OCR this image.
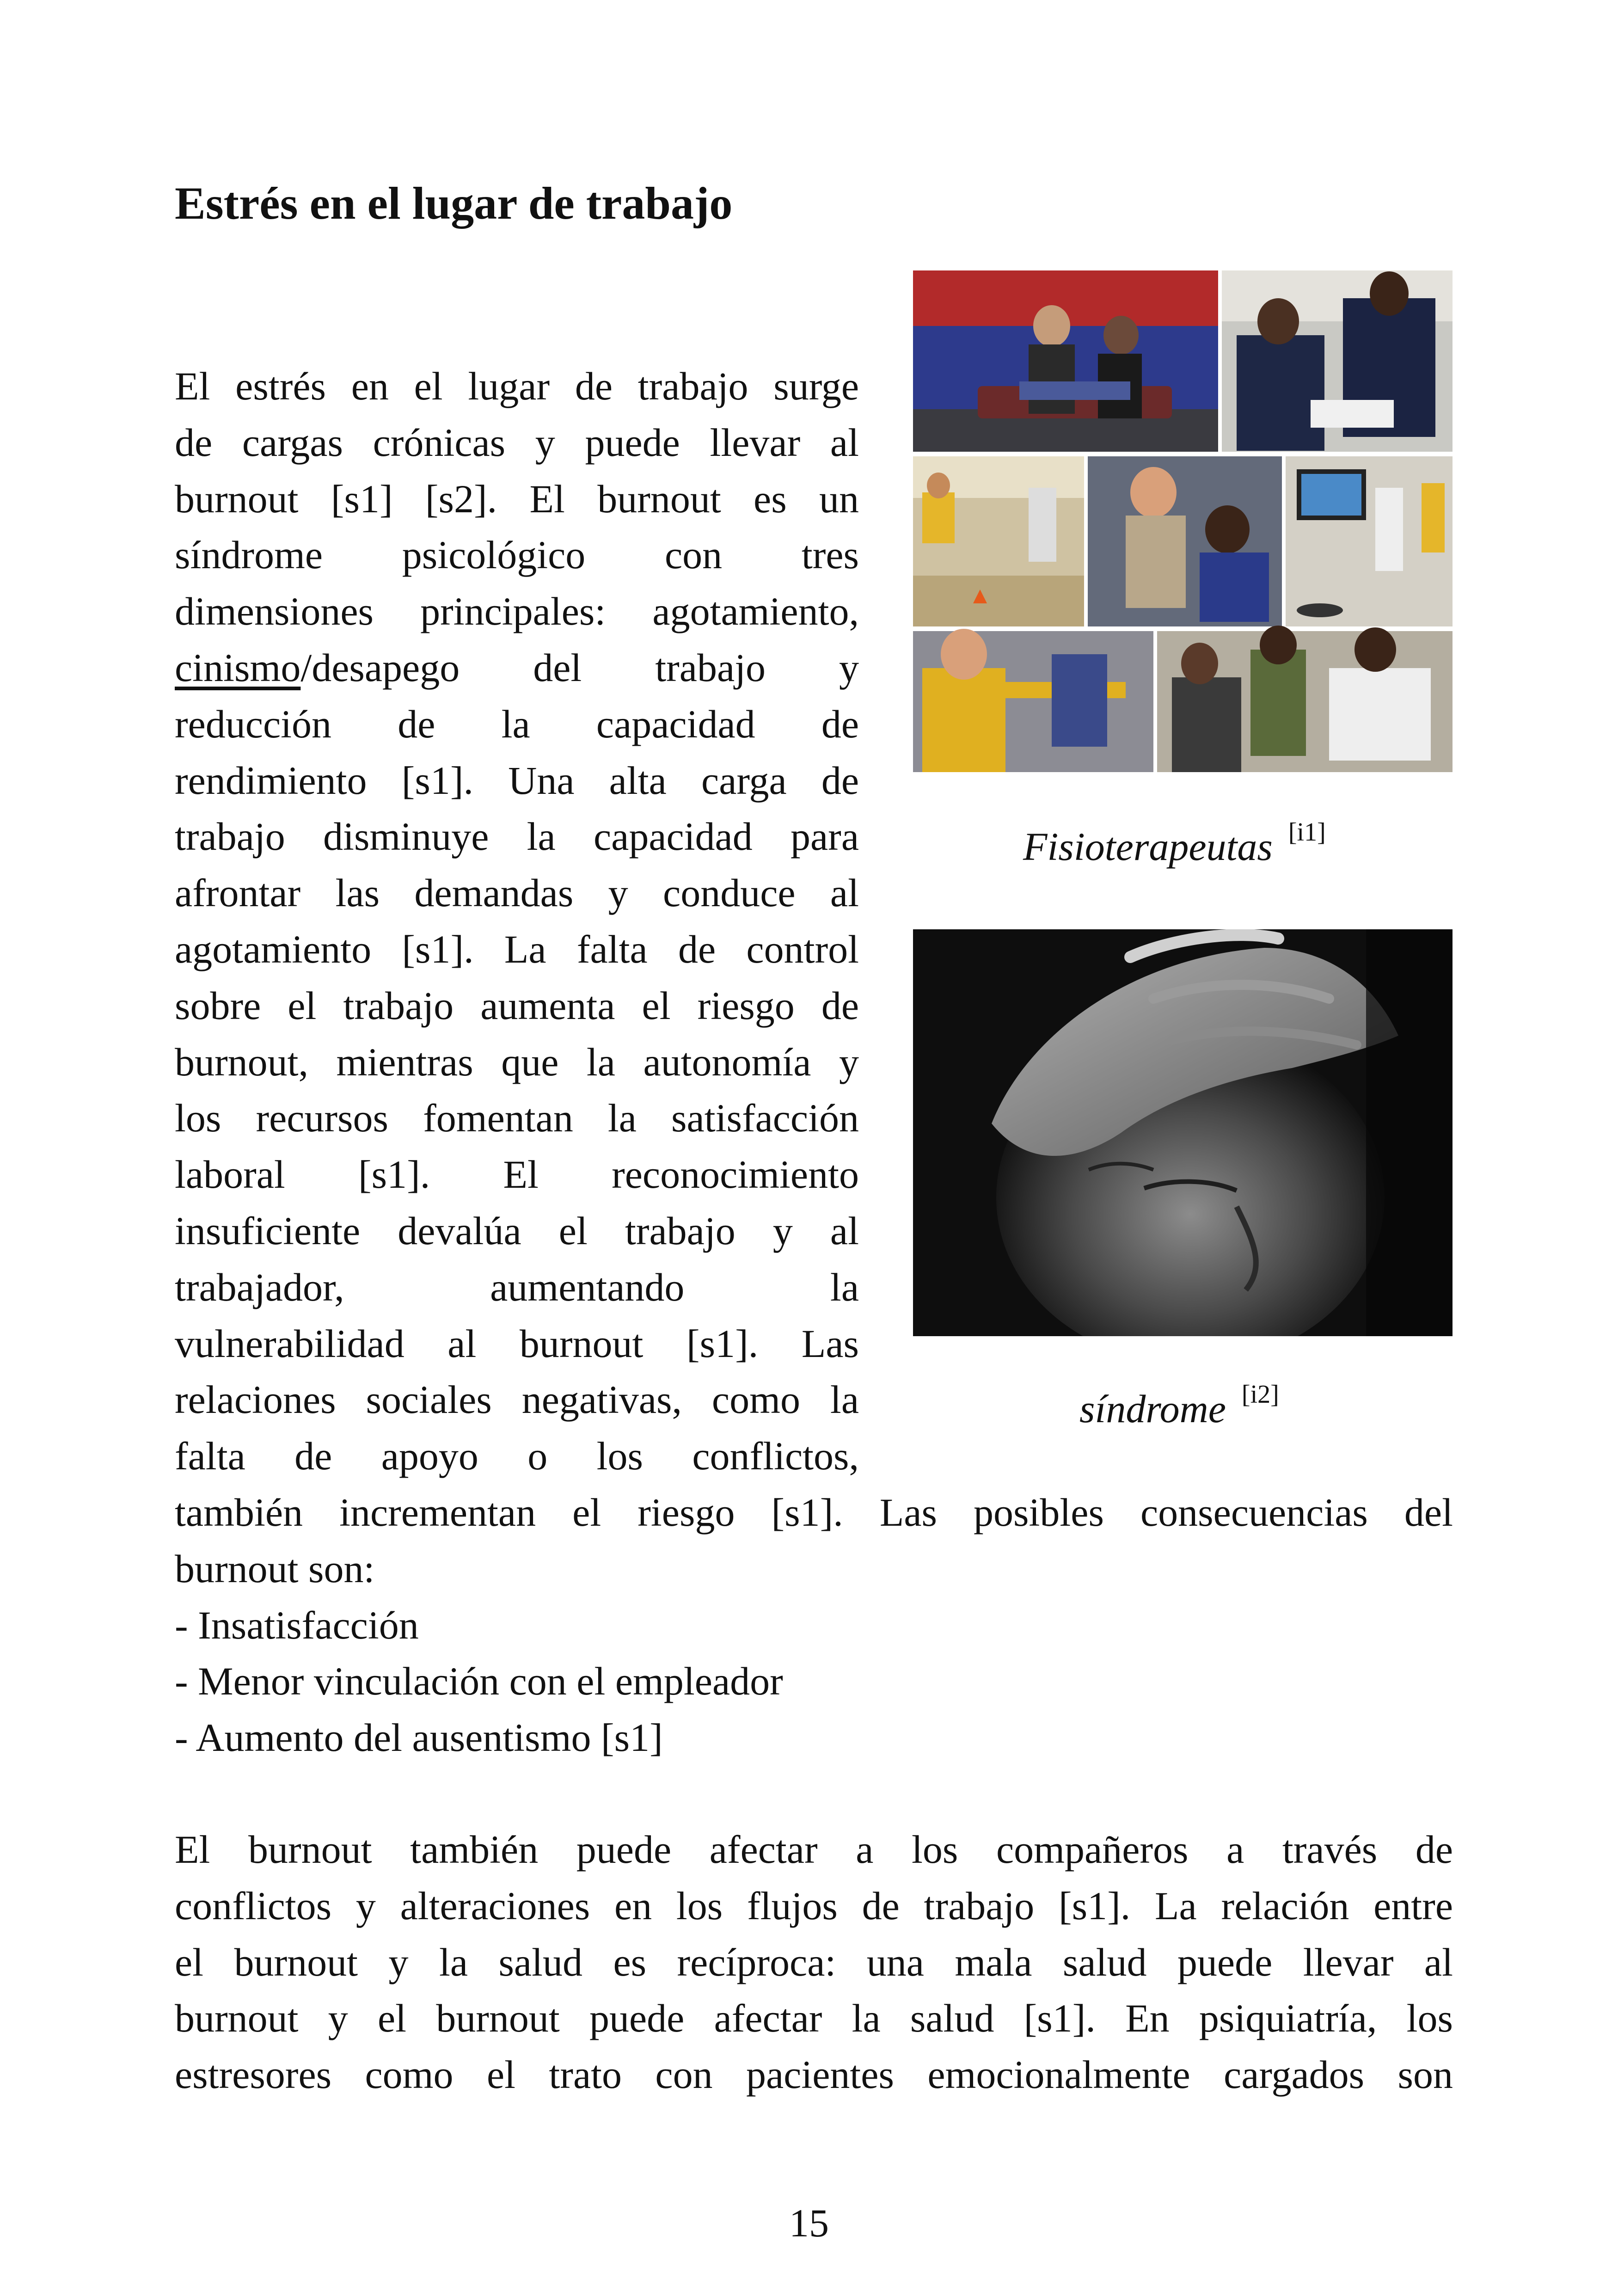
Estrés en el lugar de trabajo
El estrés en el lugar de trabajo surge
de cargas crónicas y puede llevar al
burnout [s1] [s2]. El burnout es un
síndrome psicológico con tres
dimensiones principales: agotamiento,
cinismo/desapego del trabajo y
reducción de la capacidad de
rendimiento [s1]. Una alta carga de
trabajo disminuye la capacidad para
afrontar las demandas y conduce al
agotamiento [s1]. La falta de control
sobre el trabajo aumenta el riesgo de
burnout, mientras que la autonomía y
los recursos fomentan la satisfacción
laboral [s1]. El reconocimiento
insuficiente devalúa el trabajo y al
trabajador, aumentando la
vulnerabilidad al burnout [s1]. Las
relaciones sociales negativas, como la
falta de apoyo o los conflictos,
también incrementan el riesgo [s1]. Las posibles consecuencias del
burnout son:
- Insatisfacción
- Menor vinculación con el empleador
- Aumento del ausentismo [s1]
El burnout también puede afectar a los compañeros a través de
conflictos y alteraciones en los flujos de trabajo [s1]. La relación entre
el burnout y la salud es recíproca: una mala salud puede llevar al
burnout y el burnout puede afectar la salud [s1]. En psiquiatría, los
estresores como el trato con pacientes emocionalmente cargados son
Fisioterapeutas [i1]
síndrome [i2]
15
